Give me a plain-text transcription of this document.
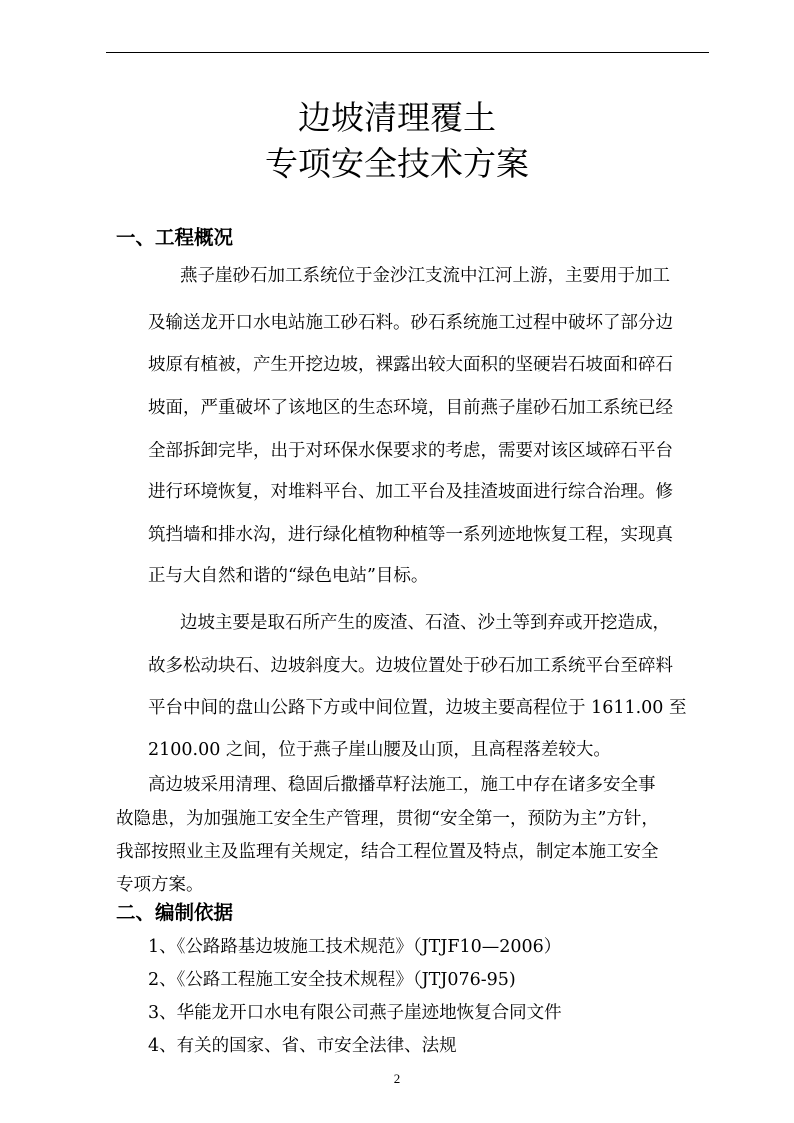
边坡清理覆土
专项安全技术方案
一、工程概况
燕子崖砂石加工系统位于金沙江支流中江河上游，主要用于加工
及输送龙开口水电站施工砂石料。砂石系统施工过程中破坏了部分边
坡原有植被，产生开挖边坡，裸露出较大面积的坚硬岩石坡面和碎石
坡面，严重破坏了该地区的生态环境，目前燕子崖砂石加工系统已经
全部拆卸完毕，出于对环保水保要求的考虑，需要对该区域碎石平台
进行环境恢复，对堆料平台、加工平台及挂渣坡面进行综合治理。修
筑挡墙和排水沟，进行绿化植物种植等一系列迹地恢复工程，实现真
正与大自然和谐的“绿色电站”目标。
边坡主要是取石所产生的废渣、石渣、沙土等到弃或开挖造成，
故多松动块石、边坡斜度大。边坡位置处于砂石加工系统平台至碎料
平台中间的盘山公路下方或中间位置，边坡主要高程位于 1611.00 至
2100.00 之间，位于燕子崖山腰及山顶，且高程落差较大。
高边坡采用清理、稳固后撒播草籽法施工，施工中存在诸多安全事
故隐患，为加强施工安全生产管理，贯彻“安全第一，预防为主”方针，
我部按照业主及监理有关规定，结合工程位置及特点，制定本施工安全
专项方案。
二、编制依据
1、《公路路基边坡施工技术规范》（JTJF10—2006）
2、《公路工程施工安全技术规程》（JTJ076-95)
3、华能龙开口水电有限公司燕子崖迹地恢复合同文件
4、有关的国家、省、市安全法律、法规
2
